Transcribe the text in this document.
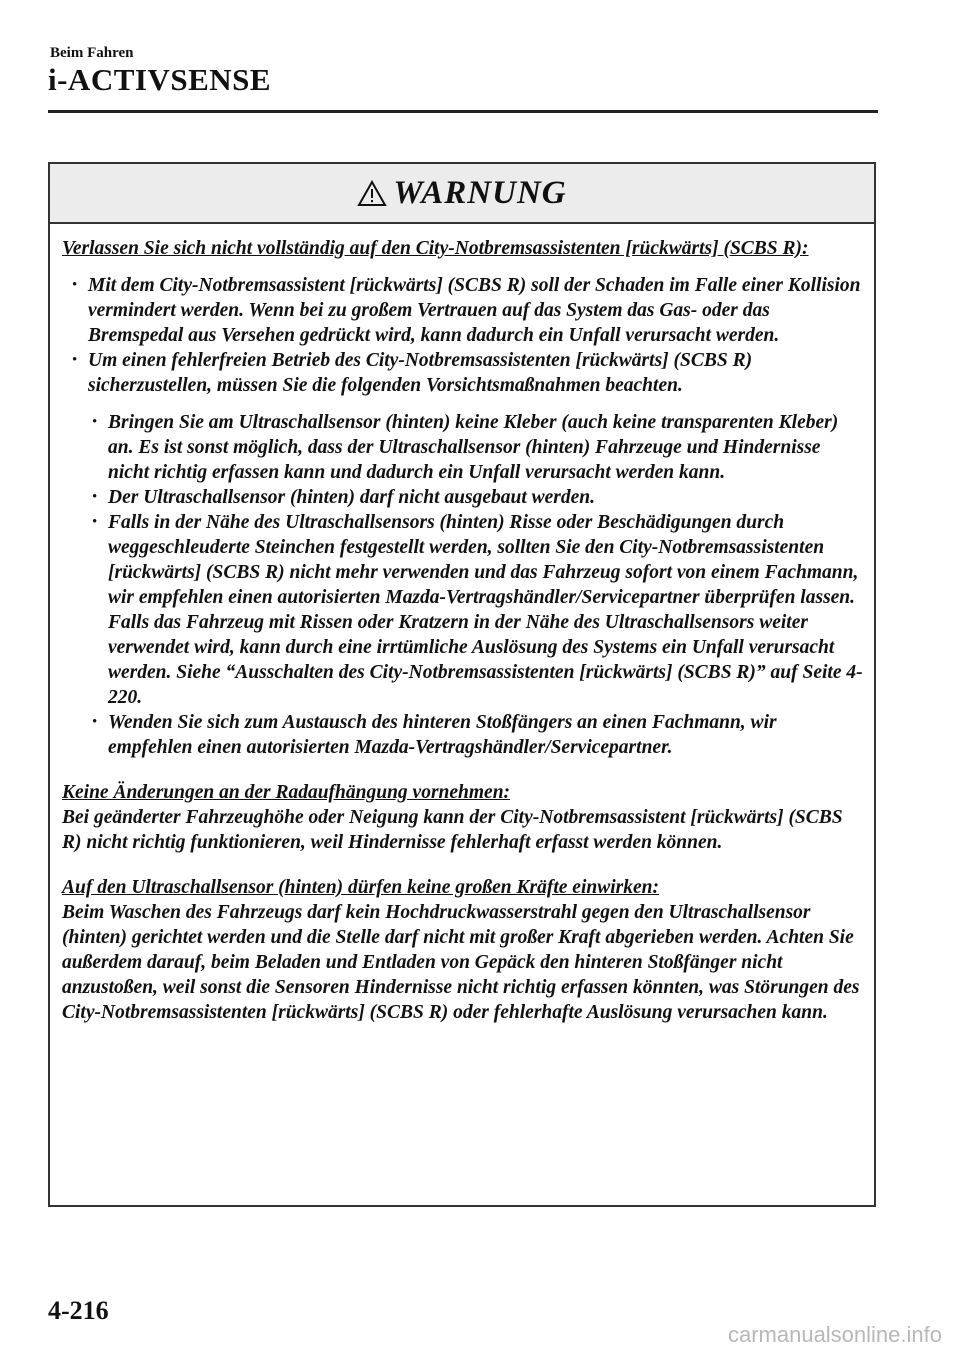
Beim Fahren
i-ACTIVSENSE
WARNUNG

Verlassen Sie sich nicht vollständig auf den City-Notbremsassistenten [rückwärts] (SCBS R):

• Mit dem City-Notbremsassistent [rückwärts] (SCBS R) soll der Schaden im Falle einer Kollision vermindert werden. Wenn bei zu großem Vertrauen auf das System das Gas- oder das Bremspedal aus Versehen gedrückt wird, kann dadurch ein Unfall verursacht werden.
• Um einen fehlerfreien Betrieb des City-Notbremsassistenten [rückwärts] (SCBS R) sicherzustellen, müssen Sie die folgenden Vorsichtsmaßnahmen beachten.
• Bringen Sie am Ultraschallsensor (hinten) keine Kleber (auch keine transparenten Kleber) an. Es ist sonst möglich, dass der Ultraschallsensor (hinten) Fahrzeuge und Hindernisse nicht richtig erfassen kann und dadurch ein Unfall verursacht werden kann.
• Der Ultraschallsensor (hinten) darf nicht ausgebaut werden.
• Falls in der Nähe des Ultraschallsensors (hinten) Risse oder Beschädigungen durch weggeschleuderte Steinchen festgestellt werden, sollten Sie den City-Notbremsassistenten [rückwärts] (SCBS R) nicht mehr verwenden und das Fahrzeug sofort von einem Fachmann, wir empfehlen einen autorisierten Mazda-Vertragshändler/Servicepartner überprüfen lassen. Falls das Fahrzeug mit Rissen oder Kratzern in der Nähe des Ultraschallsensors weiter verwendet wird, kann durch eine irrtümliche Auslösung des Systems ein Unfall verursacht werden. Siehe “Ausschalten des City-Notbremsassistenten [rückwärts] (SCBS R)” auf Seite 4-220.
• Wenden Sie sich zum Austausch des hinteren Stoßfängers an einen Fachmann, wir empfehlen einen autorisierten Mazda-Vertragshändler/Servicepartner.

Keine Änderungen an der Radaufhängung vornehmen:

Bei geänderter Fahrzeughöhe oder Neigung kann der City-Notbremsassistent [rückwärts] (SCBS R) nicht richtig funktionieren, weil Hindernisse fehlerhaft erfasst werden können.

Auf den Ultraschallsensor (hinten) dürfen keine großen Kräfte einwirken:

Beim Waschen des Fahrzeugs darf kein Hochdruckwasserstrahl gegen den Ultraschallsensor (hinten) gerichtet werden und die Stelle darf nicht mit großer Kraft abgerieben werden. Achten Sie außerdem darauf, beim Beladen und Entladen von Gepäck den hinteren Stoßfänger nicht anzustoßen, weil sonst die Sensoren Hindernisse nicht richtig erfassen könnten, was Störungen des City-Notbremsassistenten [rückwärts] (SCBS R) oder fehlerhafte Auslösung verursachen kann.

4-216
carmanualsonline.info
